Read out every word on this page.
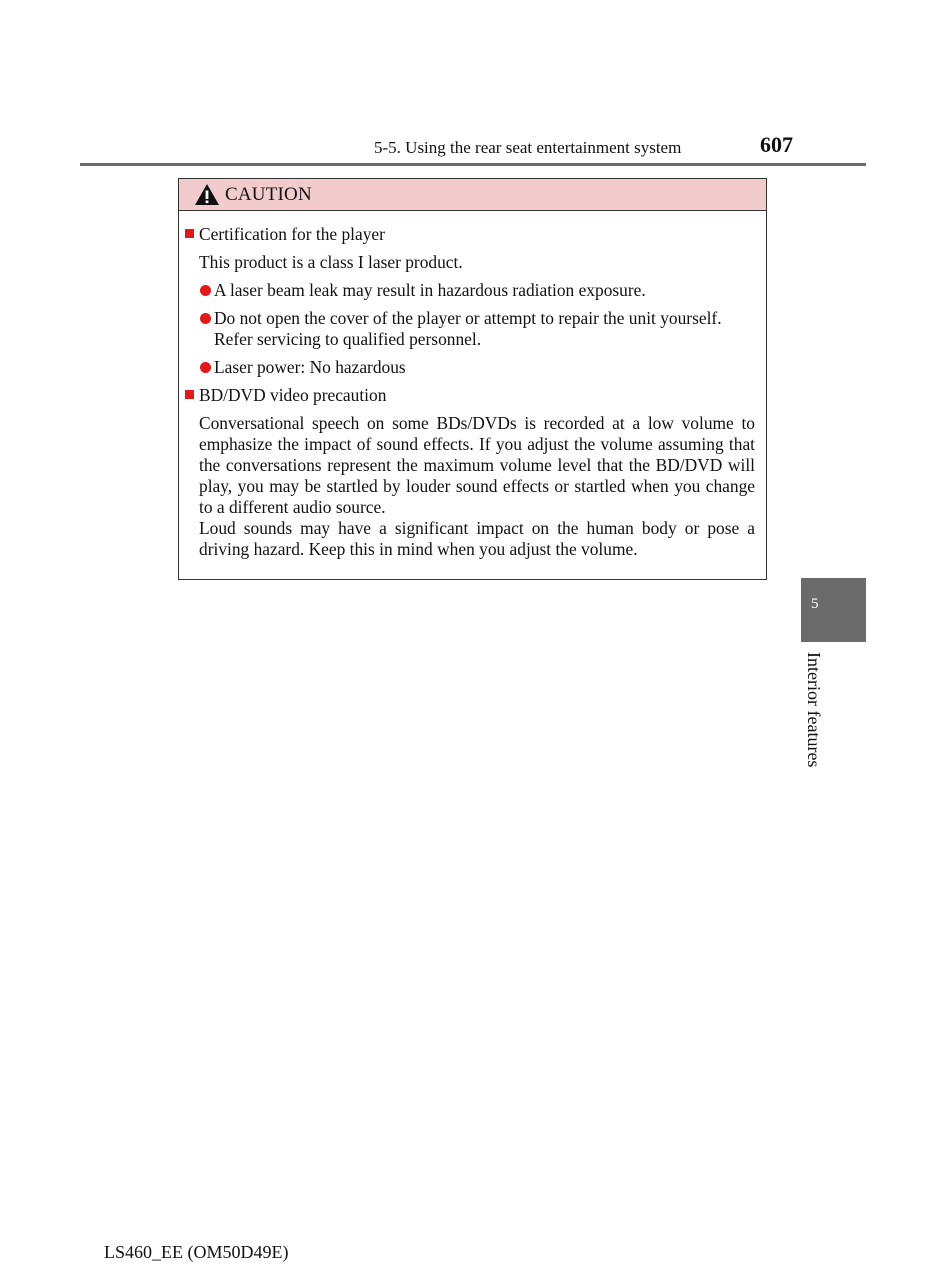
5-5. Using the rear seat entertainment system	607
CAUTION
Certification for the player
This product is a class I laser product.
A laser beam leak may result in hazardous radiation exposure.
Do not open the cover of the player or attempt to repair the unit yourself. Refer servicing to qualified personnel.
Laser power: No hazardous
BD/DVD video precaution
Conversational speech on some BDs/DVDs is recorded at a low volume to emphasize the impact of sound effects. If you adjust the volume assuming that the conversations represent the maximum volume level that the BD/DVD will play, you may be startled by louder sound effects or startled when you change to a different audio source.
Loud sounds may have a significant impact on the human body or pose a driving hazard. Keep this in mind when you adjust the volume.
5
Interior features
LS460_EE (OM50D49E)
